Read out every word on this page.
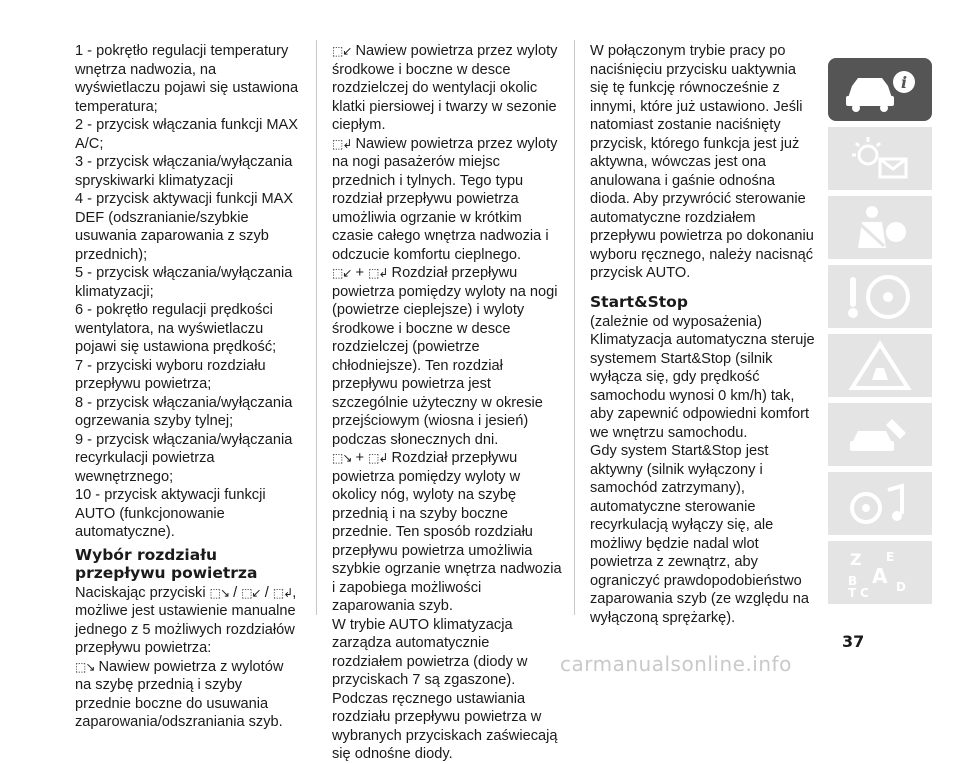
1 - pokrętło regulacji temperatury wnętrza nadwozia, na wyświetlaczu pojawi się ustawiona temperatura;

2 - przycisk włączania funkcji MAX A/C;

3 - przycisk włączania/wyłączania spryskiwarki klimatyzacji

4 - przycisk aktywacji funkcji MAX DEF (odszranianie/szybkie usuwania zaparowania z szyb przednich);

5 - przycisk włączania/wyłączania klimatyzacji;

6 - pokrętło regulacji prędkości wentylatora, na wyświetlaczu pojawi się ustawiona prędkość;

7 - przyciski wyboru rozdziału przepływu powietrza;

8 - przycisk włączania/wyłączania ogrzewania szyby tylnej;

9 - przycisk włączania/wyłączania recyrkulacji powietrza wewnętrznego;

10 - przycisk aktywacji funkcji AUTO (funkcjonowanie automatyczne).

Wybór rozdziału przepływu powietrza

Naciskając przyciski ⬚↘ / ⬚↙ / ⬚↲, możliwe jest ustawienie manualne jednego z 5 możliwych rozdziałów przepływu powietrza:

⬚↘ Nawiew powietrza z wylotów na szybę przednią i szyby przednie boczne do usuwania zaparowania/odszraniania szyb.

⬚↙ Nawiew powietrza przez wyloty środkowe i boczne w desce rozdzielczej do wentylacji okolic klatki piersiowej i twarzy w sezonie ciepłym.

⬚↲ Nawiew powietrza przez wyloty na nogi pasażerów miejsc przednich i tylnych. Tego typu rozdział przepływu powietrza umożliwia ogrzanie w krótkim czasie całego wnętrza nadwozia i odczucie komfortu cieplnego.

⬚↙ + ⬚↲ Rozdział przepływu powietrza pomiędzy wyloty na nogi (powietrze cieplejsze) i wyloty środkowe i boczne w desce rozdzielczej (powietrze chłodniejsze). Ten rozdział przepływu powietrza jest szczególnie użyteczny w okresie przejściowym (wiosna i jesień) podczas słonecznych dni.

⬚↘ + ⬚↲ Rozdział przepływu powietrza pomiędzy wyloty w okolicy nóg, wyloty na szybę przednią i na szyby boczne przednie. Ten sposób rozdziału przepływu powietrza umożliwia szybkie ogrzanie wnętrza nadwozia i zapobiega możliwości zaparowania szyb.

W trybie AUTO klimatyzacja zarządza automatycznie rozdziałem powietrza (diody w przyciskach 7 są zgaszone). Podczas ręcznego ustawiania rozdziału przepływu powietrza w wybranych przyciskach zaświecają się odnośne diody.

W połączonym trybie pracy po naciśnięciu przycisku uaktywnia się tę funkcję równocześnie z innymi, które już ustawiono. Jeśli natomiast zostanie naciśnięty przycisk, którego funkcja jest już aktywna, wówczas jest ona anulowana i gaśnie odnośna dioda. Aby przywrócić sterowanie automatyczne rozdziałem przepływu powietrza po dokonaniu wyboru ręcznego, należy nacisnąć przycisk AUTO.

Start&Stop

(zależnie od wyposażenia)

Klimatyzacja automatyczna steruje systemem Start&Stop (silnik wyłącza się, gdy prędkość samochodu wynosi 0 km/h) tak, aby zapewnić odpowiedni komfort we wnętrzu samochodu.

Gdy system Start&Stop jest aktywny (silnik wyłączony i samochód zatrzymany), automatyczne sterowanie recyrkulacją wyłączy się, ale możliwy będzie nadal wlot powietrza z zewnątrz, aby ograniczyć prawdopodobieństwo zaparowania szyb (ze względu na wyłączoną sprężarkę).

i
Z E
B A
C
T	D
37
carmanualsonline.info
